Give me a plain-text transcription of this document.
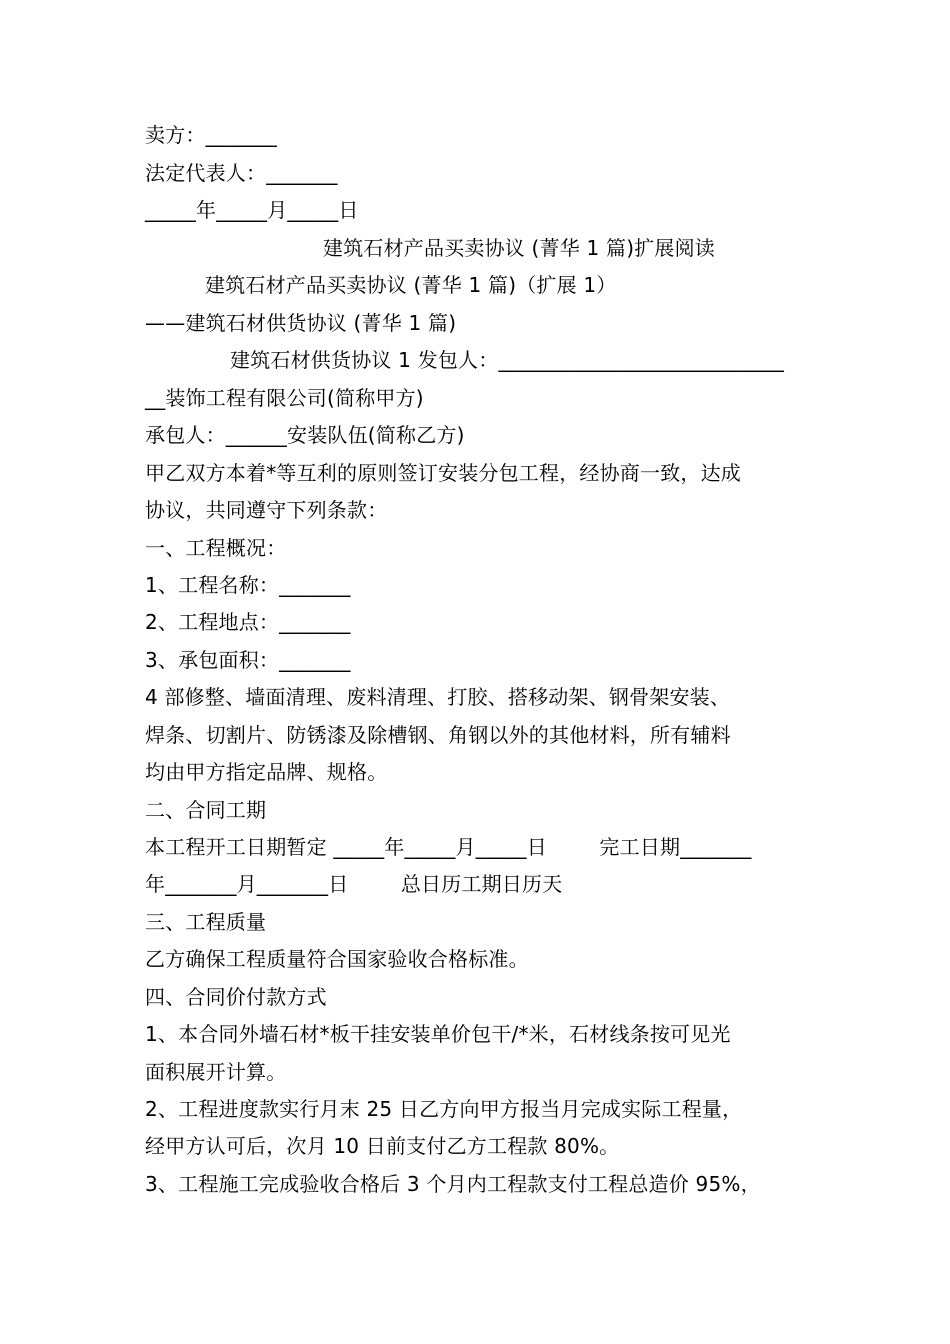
卖方：_______
法定代表人：_______
_____年_____月_____日
建筑石材产品买卖协议 (菁华 1 篇)扩展阅读
建筑石材产品买卖协议 (菁华 1 篇)（扩展 1）
——建筑石材供货协议 (菁华 1 篇)
建筑石材供货协议 1 发包人：____________________________
__装饰工程有限公司(简称甲方)
承包人：______安装队伍(简称乙方)
甲乙双方本着*等互利的原则签订安装分包工程，经协商一致，达成
协议，共同遵守下列条款：
一、工程概况：
1、工程名称：_______
2、工程地点：_______
3、承包面积：_______
4 部修整、墙面清理、废料清理、打胶、搭移动架、钢骨架安装、
焊条、切割片、防锈漆及除槽钢、角钢以外的其他材料，所有辅料
均由甲方指定品牌、规格。
二、合同工期
本工程开工日期暂定 _____年_____月_____日        完工日期_______
年_______月_______日        总日历工期日历天
三、工程质量
乙方确保工程质量符合国家验收合格标准。
四、合同价付款方式
1、本合同外墙石材*板干挂安装单价包干/*米，石材线条按可见光
面积展开计算。
2、工程进度款实行月末 25 日乙方向甲方报当月完成实际工程量，
经甲方认可后，次月 10 日前支付乙方工程款 80%。
3、工程施工完成验收合格后 3 个月内工程款支付工程总造价 95%，
